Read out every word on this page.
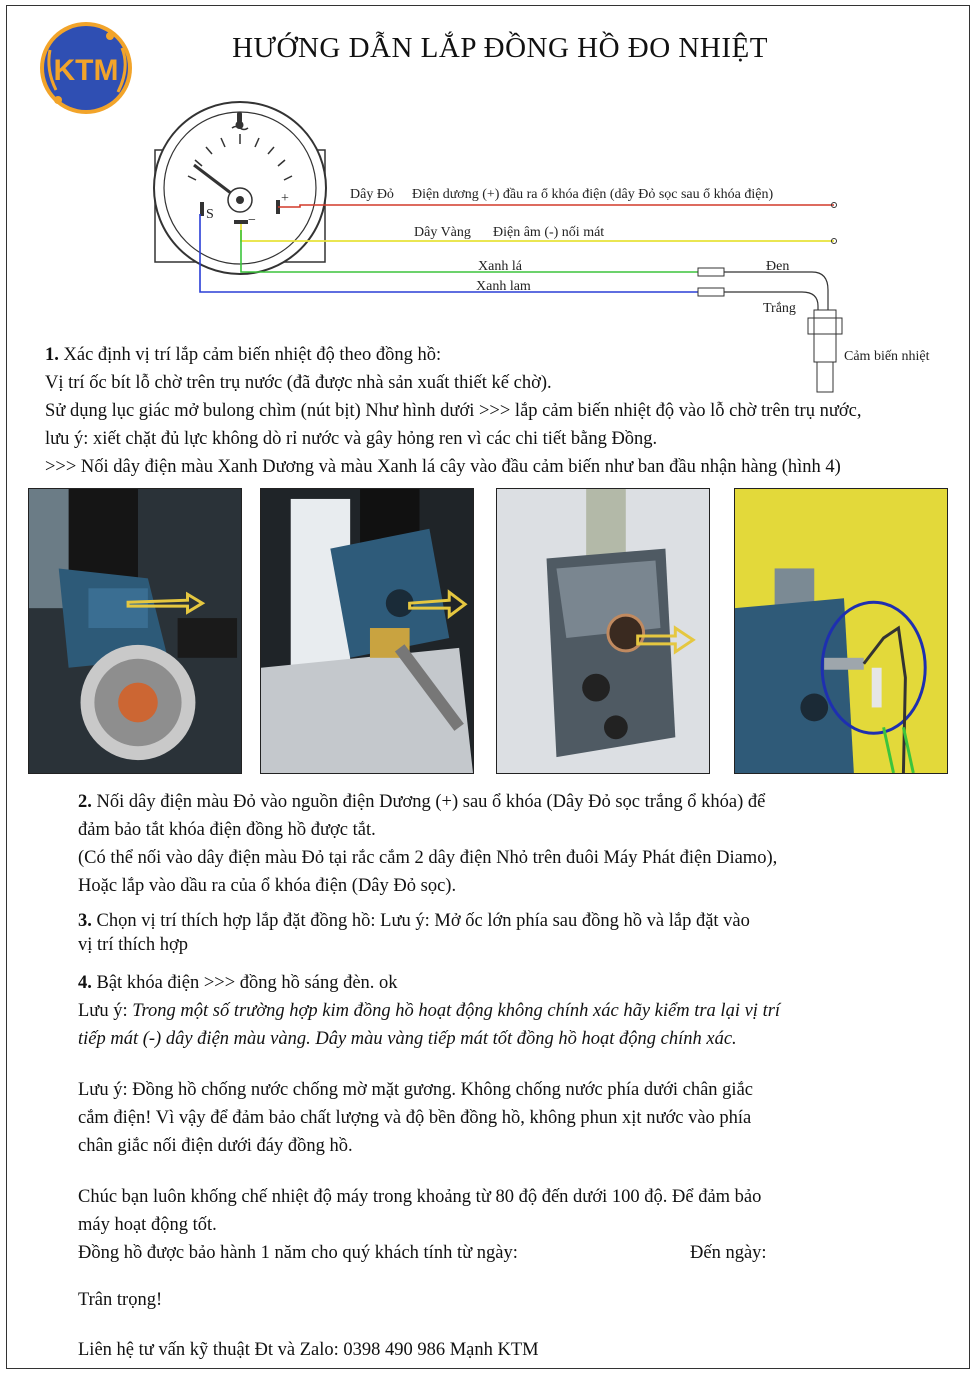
KTM
HƯỚNG DẪN LẮP ĐỒNG HỒ ĐO NHIỆT
S
+
−
Dây Đỏ Điện dương (+) đầu ra ổ khóa điện (dây Đỏ sọc sau ổ khóa điện)
Dây Vàng Điện âm (-) nối mát
Xanh lá
Xanh lam
Đen
Trắng
Cảm biến nhiệt
1. Xác định vị trí lắp cảm biến nhiệt độ theo đồng hồ:
Vị trí ốc bít lỗ chờ trên trụ nước (đã được nhà sản xuất thiết kế chờ).
Sử dụng lục giác mở bulong chìm (nút bịt) Như hình dưới >>> lắp cảm biến nhiệt độ vào lỗ chờ trên trụ nước,
lưu ý: xiết chặt đủ lực không dò rỉ nước và gây hỏng ren vì các chi tiết bằng Đồng.
>>> Nối dây điện màu Xanh Dương và màu Xanh lá cây vào đầu cảm biến như ban đầu nhận hàng (hình 4)
2. Nối dây điện màu Đỏ vào nguồn điện Dương (+) sau ổ khóa (Dây Đỏ sọc trắng ổ khóa) để
đảm bảo tắt khóa điện đồng hồ được tắt.
(Có thể nối vào dây điện màu Đỏ tại rắc cắm 2 dây điện Nhỏ trên đuôi Máy Phát điện Diamo),
Hoặc lắp vào dầu ra của ổ khóa điện (Dây Đỏ sọc).
3. Chọn vị trí thích hợp lắp đặt đồng hồ: Lưu ý: Mở ốc lớn phía sau đồng hồ và lắp đặt vào
vị trí thích hợp
4. Bật khóa điện >>> đồng hồ sáng đèn. ok
Lưu ý: Trong một số trường hợp kim đồng hồ hoạt động không chính xác hãy kiểm tra lại vị trí
tiếp mát (-) dây điện màu vàng. Dây màu vàng tiếp mát tốt đồng hồ hoạt động chính xác.
Lưu ý: Đồng hồ chống nước chống mờ mặt gương. Không chống nước phía dưới chân giắc
cắm điện! Vì vậy để đảm bảo chất lượng và độ bền đồng hồ, không phun xịt nước vào phía
chân giắc nối điện dưới đáy đồng hồ.
Chúc bạn luôn khống chế nhiệt độ máy trong khoảng từ 80 độ đến dưới 100 độ. Để đảm bảo
máy hoạt động tốt.
Đồng hồ được bảo hành 1 năm cho quý khách tính từ ngày:	Đến ngày:
Trân trọng!
Liên hệ tư vấn kỹ thuật Đt và Zalo: 0398 490 986 Mạnh KTM
